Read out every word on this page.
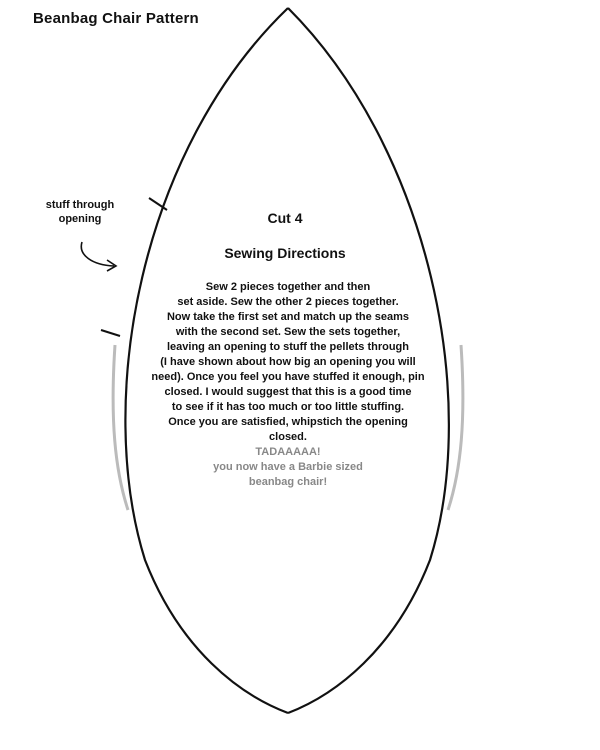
Beanbag Chair Pattern
stuff through
opening	Cut 4
Sewing Directions
Sew 2 pieces together and then
set aside. Sew the other 2 pieces together.
Now take the first set and match up the seams
with the second set. Sew the sets together,
leaving an opening to stuff the pellets through
(I have shown about how big an opening you will
need). Once you feel you have stuffed it enough, pin
closed. I would suggest that this is a good time
to see if it has too much or too little stuffing.
Once you are satisfied, whipstich the opening
closed.
TADAAAAA!
you now have a Barbie sized
beanbag chair!
